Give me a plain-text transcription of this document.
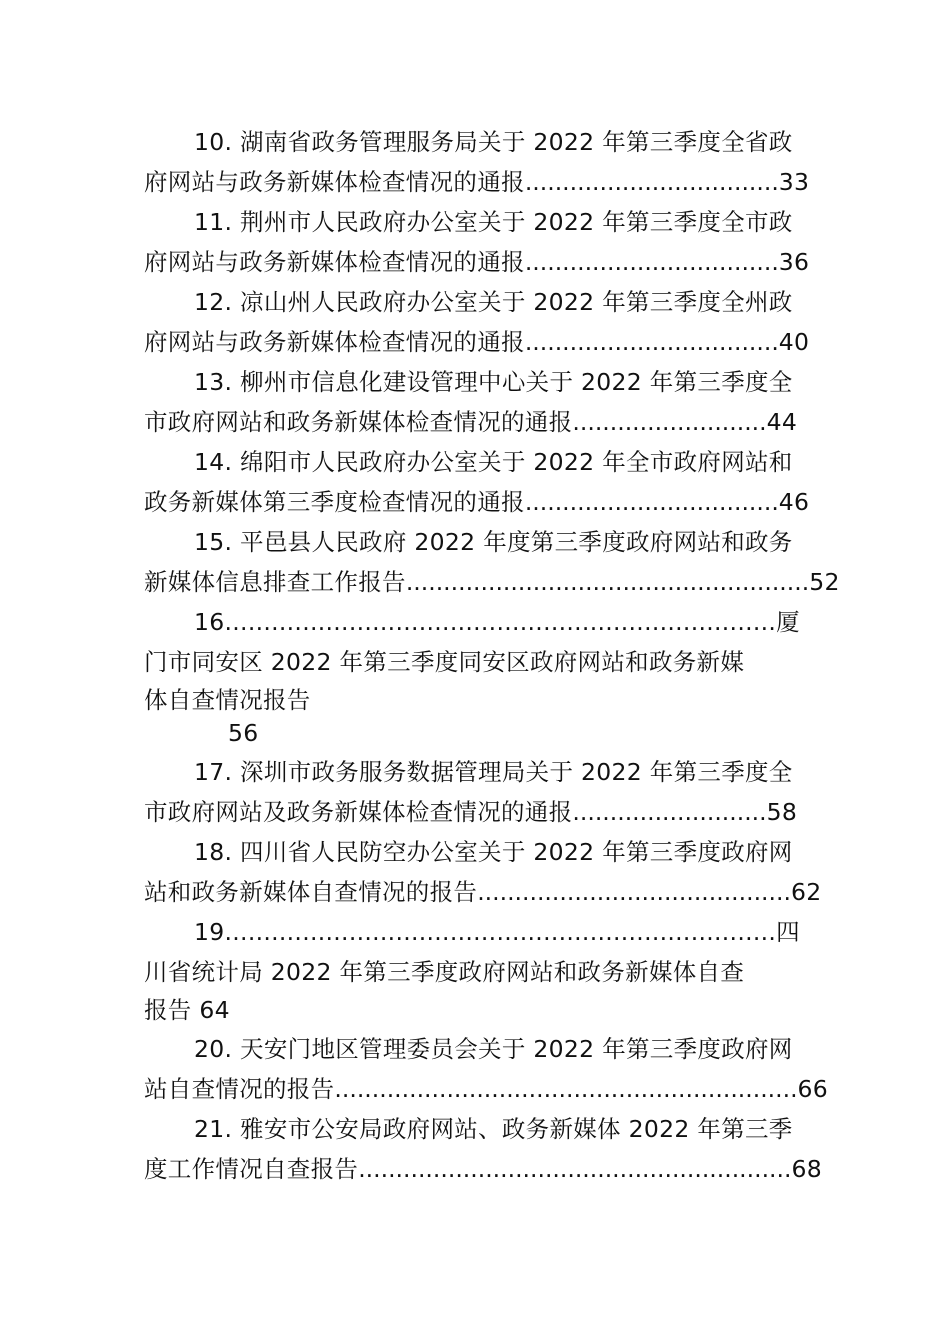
10. 湖南省政务管理服务局关于 2022 年第三季度全省政
府网站与政务新媒体检查情况的通报..................................33
11. 荆州市人民政府办公室关于 2022 年第三季度全市政
府网站与政务新媒体检查情况的通报..................................36
12. 凉山州人民政府办公室关于 2022 年第三季度全州政
府网站与政务新媒体检查情况的通报..................................40
13. 柳州市信息化建设管理中心关于 2022 年第三季度全
市政府网站和政务新媒体检查情况的通报..........................44
14. 绵阳市人民政府办公室关于 2022 年全市政府网站和
政务新媒体第三季度检查情况的通报..................................46
15. 平邑县人民政府 2022 年度第三季度政府网站和政务
新媒体信息排查工作报告......................................................52
16.......................................................................厦
门市同安区 2022 年第三季度同安区政府网站和政务新媒
体自查情况报告
56
17. 深圳市政务服务数据管理局关于 2022 年第三季度全
市政府网站及政务新媒体检查情况的通报..........................58
18. 四川省人民防空办公室关于 2022 年第三季度政府网
站和政务新媒体自查情况的报告..........................................62
19.......................................................................四
川省统计局 2022 年第三季度政府网站和政务新媒体自查
报告 64
20. 天安门地区管理委员会关于 2022 年第三季度政府网
站自查情况的报告..............................................................66
21. 雅安市公安局政府网站、政务新媒体 2022 年第三季
度工作情况自查报告..........................................................68
